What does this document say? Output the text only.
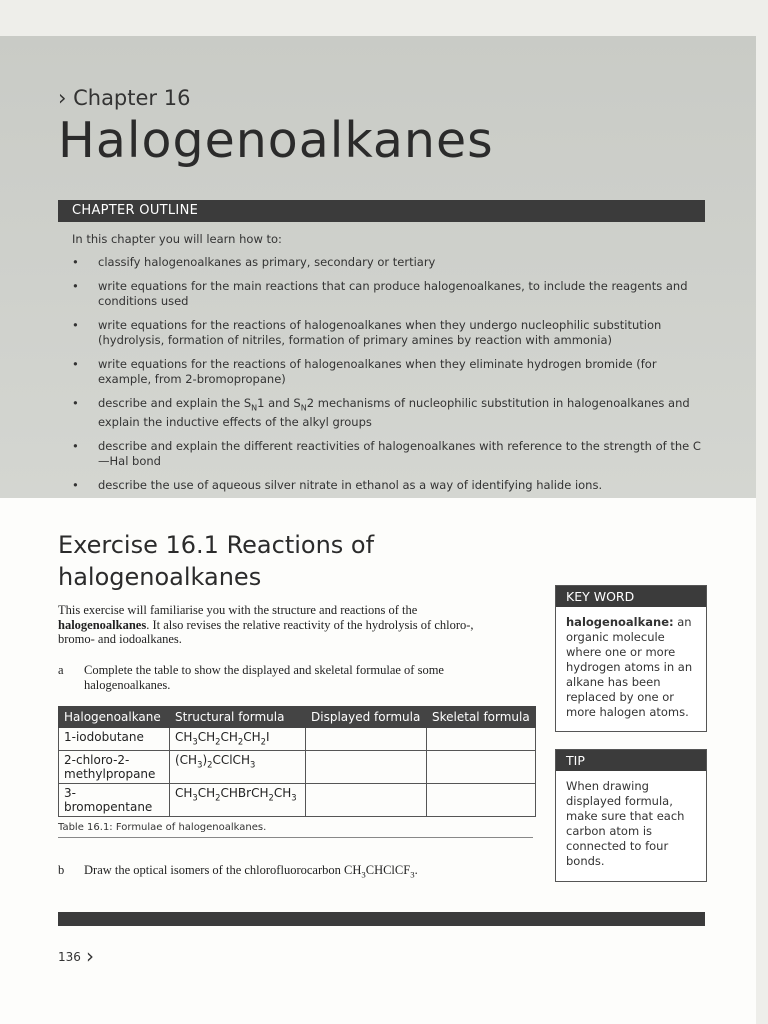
› Chapter 16
Halogenoalkanes
CHAPTER OUTLINE
In this chapter you will learn how to:
• classify halogenoalkanes as primary, secondary or tertiary
• write equations for the main reactions that can produce halogenoalkanes, to include the reagents and conditions used
• write equations for the reactions of halogenoalkanes when they undergo nucleophilic substitution (hydrolysis, formation of nitriles, formation of primary amines by reaction with ammonia)
• write equations for the reactions of halogenoalkanes when they eliminate hydrogen bromide (for example, from 2-bromopropane)
• describe and explain the $S_N1$ and $S_N2$ mechanisms of nucleophilic substitution in halogenoalkanes and explain the inductive effects of the alkyl groups
• describe and explain the different reactivities of halogenoalkanes with reference to the strength of the C—Hal bond
• describe the use of aqueous silver nitrate in ethanol as a way of identifying halide ions.
Exercise 16.1 Reactions of halogenoalkanes
This exercise will familiarise you with the structure and reactions of the halogenoalkanes. It also revises the relative reactivity of the hydrolysis of chloro-, bromo- and iodoalkanes.
a Complete the table to show the displayed and skeletal formulae of some halogenoalkanes.
Halogenoalkane	Structural formula	Displayed formula	Skeletal formula
1-iodobutane	$CH_3CH_2CH_2CH_2I$		
2-chloro-2-methylpropane	$(CH_3)_2CClCH_3$		
3-bromopentane	$CH_3CH_2CHBrCH_2CH_3$		
Table 16.1: Formulae of halogenoalkanes.
b Draw the optical isomers of the chlorofluorocarbon $CH_3CHClCF_3$.
KEY WORD
halogenoalkane: an organic molecule where one or more hydrogen atoms in an alkane has been replaced by one or more halogen atoms.
TIP
When drawing displayed formula, make sure that each carbon atom is connected to four bonds.
136 ›
